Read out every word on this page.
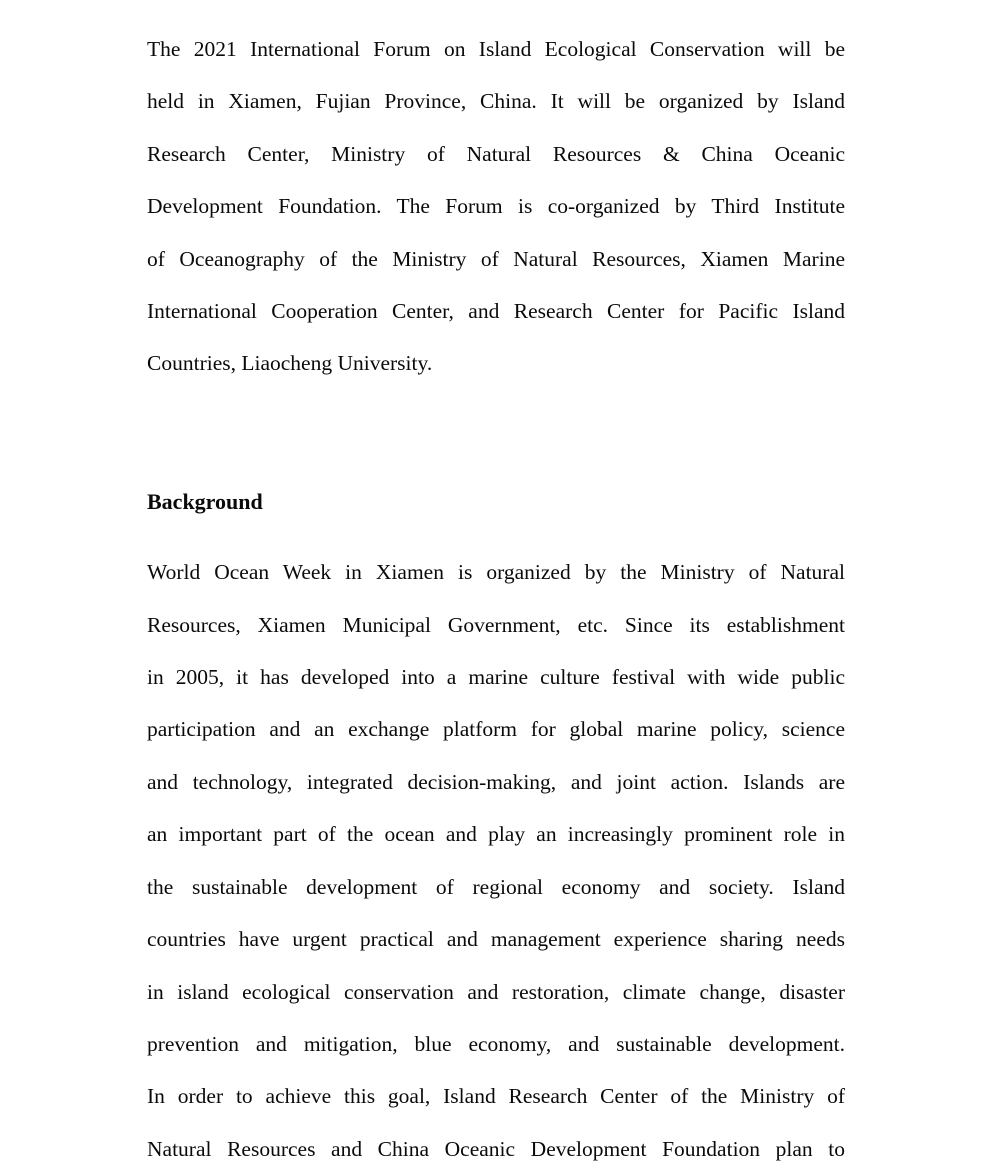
The 2021 International Forum on Island Ecological Conservation will be
held in Xiamen, Fujian Province, China. It will be organized by Island
Research Center, Ministry of Natural Resources & China Oceanic
Development Foundation. The Forum is co-organized by Third Institute
of Oceanography of the Ministry of Natural Resources, Xiamen Marine
International Cooperation Center, and Research Center for Pacific Island
Countries, Liaocheng University.
Background
World Ocean Week in Xiamen is organized by the Ministry of Natural
Resources, Xiamen Municipal Government, etc. Since its establishment
in 2005, it has developed into a marine culture festival with wide public
participation and an exchange platform for global marine policy, science
and technology, integrated decision-making, and joint action. Islands are
an important part of the ocean and play an increasingly prominent role in
the sustainable development of regional economy and society. Island
countries have urgent practical and management experience sharing needs
in island ecological conservation and restoration, climate change, disaster
prevention and mitigation, blue economy, and sustainable development.
In order to achieve this goal, Island Research Center of the Ministry of
Natural Resources and China Oceanic Development Foundation plan to
